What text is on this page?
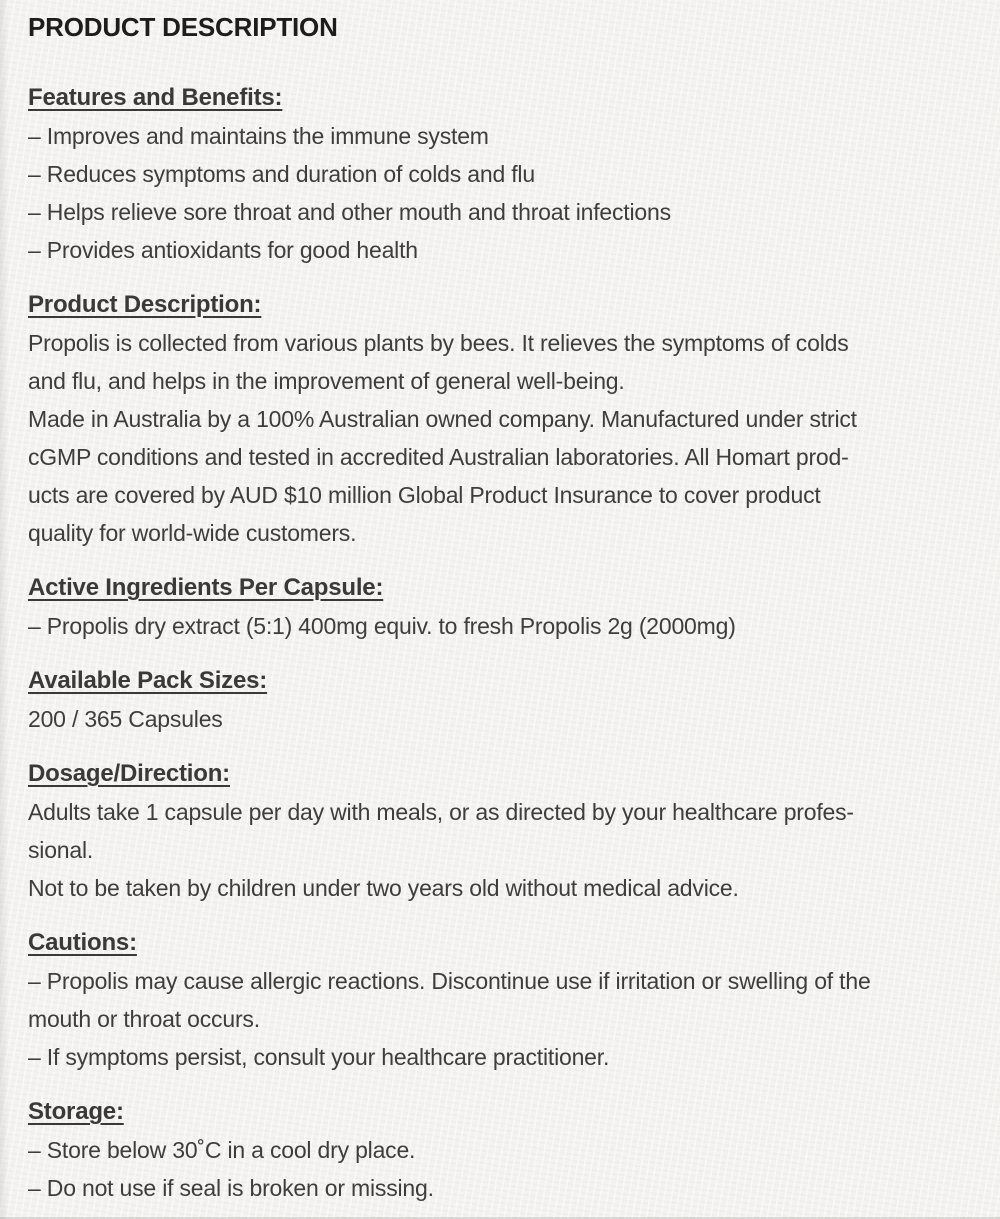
PRODUCT DESCRIPTION
Features and Benefits:

– Improves and maintains the immune system

– Reduces symptoms and duration of colds and flu

– Helps relieve sore throat and other mouth and throat infections

– Provides antioxidants for good health

Product Description:

Propolis is collected from various plants by bees. It relieves the symptoms of colds

and flu, and helps in the improvement of general well-being.

Made in Australia by a 100% Australian owned company. Manufactured under strict

cGMP conditions and tested in accredited Australian laboratories. All Homart prod-

ucts are covered by AUD $10 million Global Product Insurance to cover product

quality for world-wide customers.

Active Ingredients Per Capsule:

– Propolis dry extract (5:1) 400mg equiv. to fresh Propolis 2g (2000mg)

Available Pack Sizes:

200 / 365 Capsules

Dosage/Direction:

Adults take 1 capsule per day with meals, or as directed by your healthcare profes-

sional.

Not to be taken by children under two years old without medical advice.

Cautions:

– Propolis may cause allergic reactions. Discontinue use if irritation or swelling of the

mouth or throat occurs.

– If symptoms persist, consult your healthcare practitioner.

Storage:

– Store below 30˚C in a cool dry place.

– Do not use if seal is broken or missing.
